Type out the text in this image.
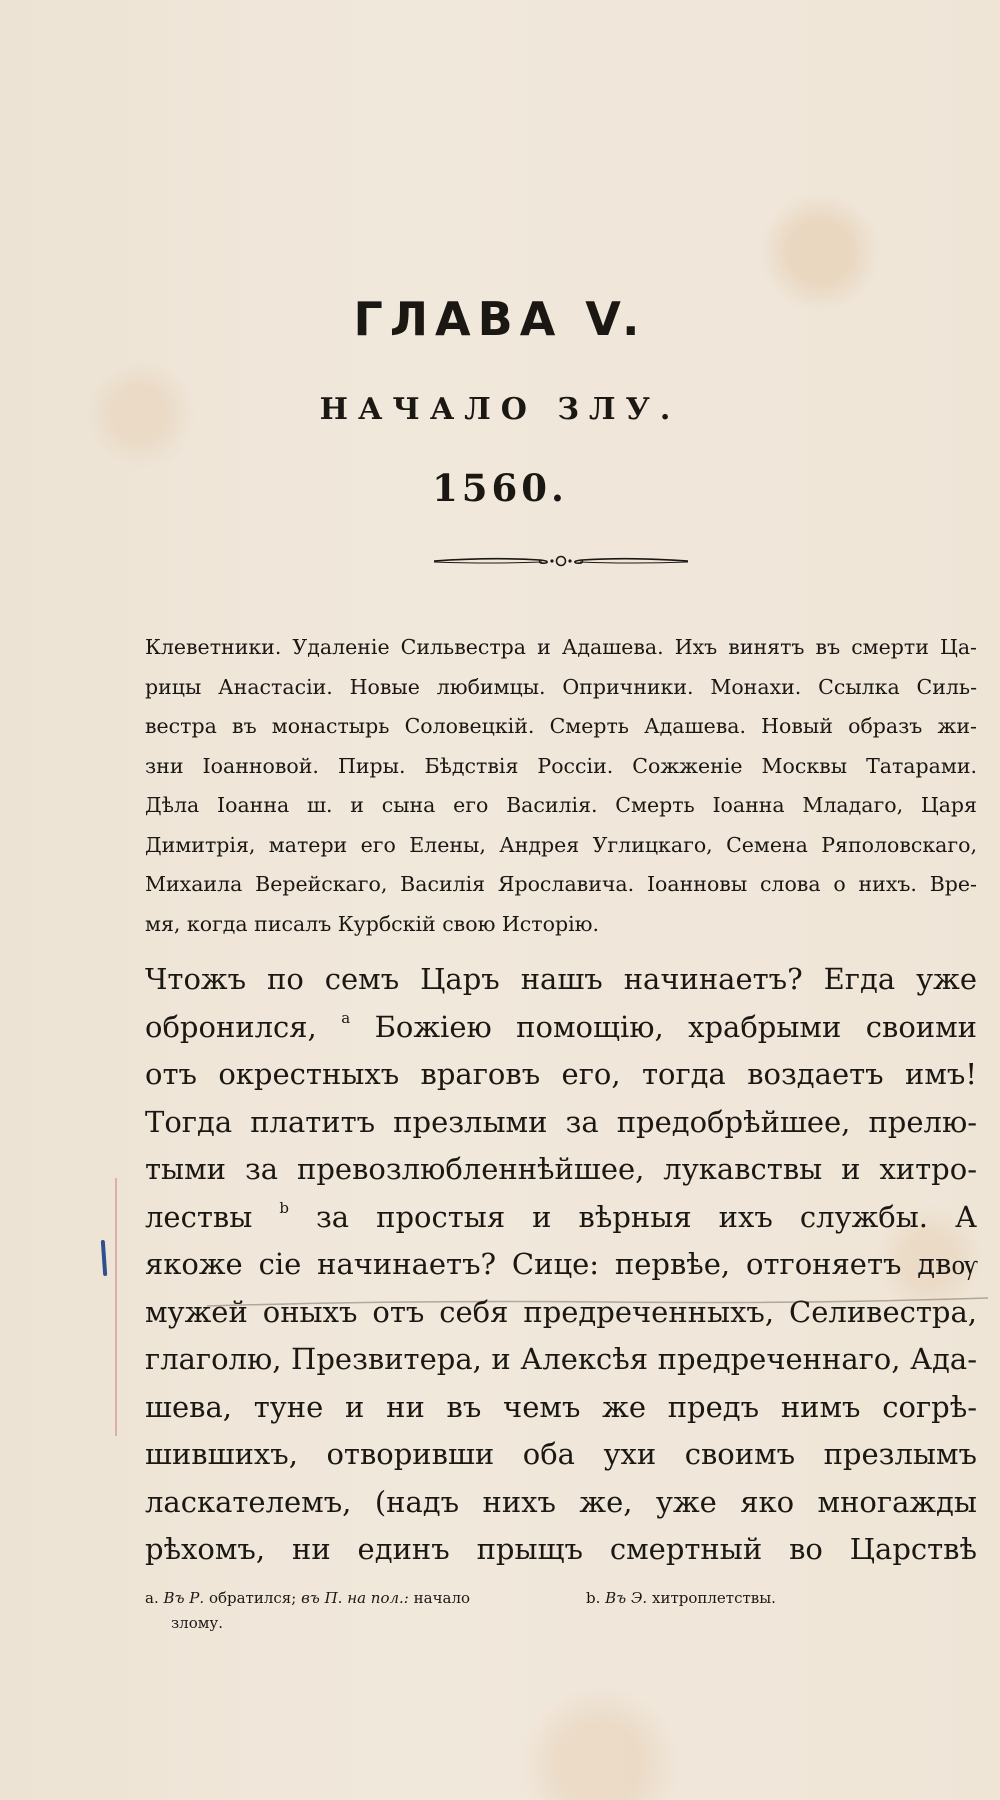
ГЛАВА V.
НАЧАЛО ЗЛУ.
1560.
Клеветники. Удаленіе Сильвестра и Адашева. Ихъ винятъ въ смерти Ца-
рицы Анастасіи. Новые любимцы. Опричники. Монахи. Ссылка Силь-
вестра въ монастырь Соловецкій. Смерть Адашева. Новый образъ жи-
зни Іоанновой. Пиры. Бѣдствія Россіи. Сожженіе Москвы Татарами.
Дѣла Іоанна ш. и сына его Василія. Смерть Іоанна Младаго, Царя
Димитрія, матери его Елены, Андрея Углицкаго, Семена Ряполовскаго,
Михаила Верейскаго, Василія Ярославича. Іоанновы слова о нихъ. Вре-
мя, когда писалъ Курбскій свою Исторію.
Чтожъ по семъ Царъ нашъ начинаетъ? Егда уже
обронился, $^a$ Божіею помощію, храбрыми своими
отъ окрестныхъ враговъ его, тогда воздаетъ имъ!
Тогда платитъ презлыми за предобрѣйшее, прелю-
тыми за превозлюбленнѣйшее, лукавствы и хитро-
лествы $^b$ за простыя и вѣрныя ихъ службы. А
якоже сіе начинаетъ? Сице: первѣе, отгоняетъ двѹ
мужей оныхъ отъ себя предреченныхъ, Селивестра,
глаголю, Презвитера, и Алексѣя предреченнаго, Ада-
шева, туне и ни въ чемъ же предъ нимъ согрѣ-
шившихъ, отворивши оба ухи своимъ презлымъ
ласкателемъ, (надъ нихъ же, уже яко многажды
рѣхомъ, ни единъ прыщъ смертный во Царствѣ
a. Въ Р. обратился; въ П. на пол.: начало
злому.
b. Въ Э. хитроплетствы.
